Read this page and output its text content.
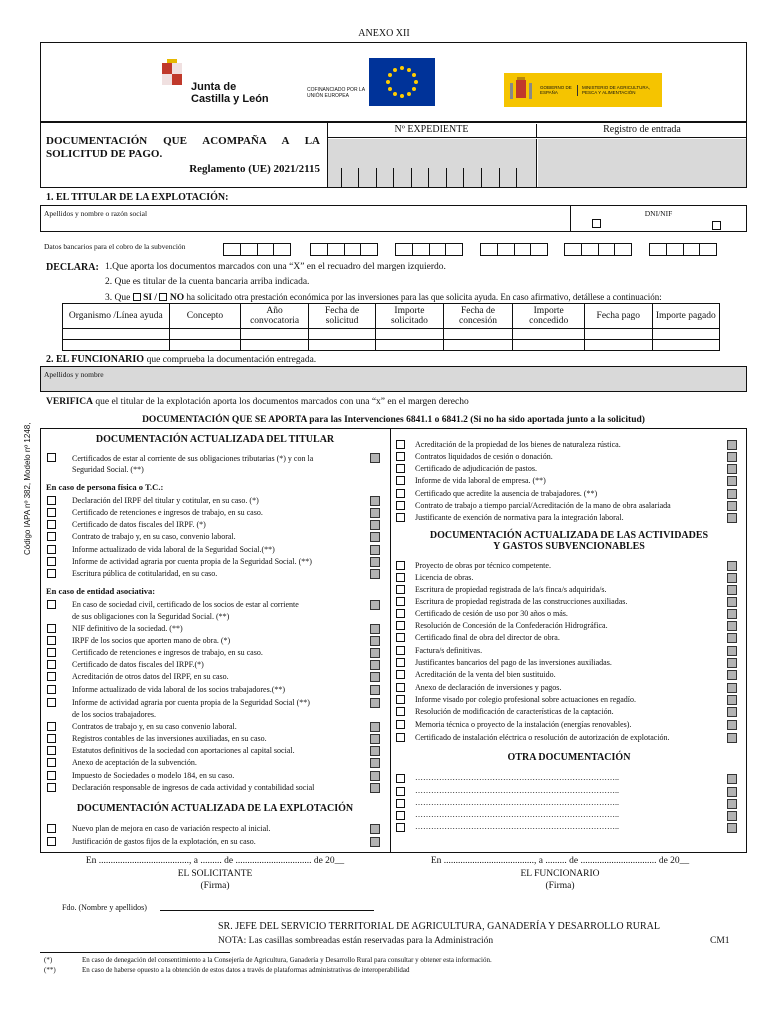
ANEXO XII
Junta de Castilla y León
COFINANCIADO POR LA UNIÓN EUROPEA
GOBIERNO DE ESPAÑA
MINISTERIO DE AGRICULTURA, PESCA Y ALIMENTACIÓN
DOCUMENTACIÓN QUE ACOMPAÑA A LA SOLICITUD DE PAGO.
Reglamento (UE) 2021/2115
Nº EXPEDIENTE	Registro de entrada
1. EL TITULAR DE LA EXPLOTACIÓN:
Apellidos y nombre o razón social	DNI/NIF
Datos bancarios para el cobro de la subvención
DECLARA: 1.Que aporta los documentos marcados con una “X” en el recuadro del margen izquierdo.
2. Que es titular de la cuenta bancaria arriba indicada.
3. Que SI / NO ha solicitado otra prestación económica por las inversiones para las que solicita ayuda. En caso afirmativo, detállese a continuación:
Organismo /Línea ayuda	Concepto	Año convocatoria	Fecha de solicitud	Importe solicitado	Fecha de concesión	Importe concedido	Fecha pago	Importe pagado

2. EL FUNCIONARIO que comprueba la documentación entregada.
Apellidos y nombre
VERIFICA que el titular de la explotación aporta los documentos marcados con una “x” en el margen derecho
Código IAPA nº 382, Modelo nº 1248,
DOCUMENTACIÓN QUE SE APORTA para las Intervenciones 6841.1 o 6841.2 (Si no ha sido aportada junto a la solicitud)
DOCUMENTACIÓN ACTUALIZADA DEL TITULAR
Certificados de estar al corriente de sus obligaciones tributarias (*) y con la
Seguridad Social. (**)
En caso de persona física o T.C.:
Declaración del IRPF del titular y cotitular, en su caso. (*)
Certificado de retenciones e ingresos de trabajo, en su caso.
Certificado de datos fiscales del IRPF. (*)
Contrato de trabajo y, en su caso, convenio laboral.
Informe actualizado de vida laboral de la Seguridad Social.(**)
Informe de actividad agraria por cuenta propia de la Seguridad Social. (**)
Escritura pública de cotitularidad, en su caso.
En caso de entidad asociativa:
En caso de sociedad civil, certificado de los socios de estar al corriente
de sus obligaciones con la Seguridad Social. (**)
NIF definitivo de la sociedad. (**)
IRPF de los socios que aporten mano de obra. (*)
Certificado de retenciones e ingresos de trabajo, en su caso.
Certificado de datos fiscales del IRPF.(*)
Acreditación de otros datos del IRPF, en su caso.
Informe actualizado de vida laboral de los socios trabajadores.(**)
Informe de actividad agraria por cuenta propia de la Seguridad Social (**)
de los socios trabajadores.
Contratos de trabajo y, en su caso convenio laboral.
Registros contables de las inversiones auxiliadas, en su caso.
Estatutos definitivos de la sociedad con aportaciones al capital social.
Anexo de aceptación de la subvención.
Impuesto de Sociedades o modelo 184, en su caso.
Declaración responsable de ingresos de cada actividad y contabilidad social
DOCUMENTACIÓN ACTUALIZADA DE LA EXPLOTACIÓN
Nuevo plan de mejora en caso de variación respecto al inicial.
Justificación de gastos fijos de la explotación, en su caso.
Acreditación de la propiedad de los bienes de naturaleza rústica.
Contratos liquidados de cesión o donación.
Certificado de adjudicación de pastos.
Informe de vida laboral de empresa. (**)
Certificado que acredite la ausencia de trabajadores. (**)
Contrato de trabajo a tiempo parcial/Acreditación de la mano de obra asalariada
Justificante de exención de normativa para la integración laboral.
DOCUMENTACIÓN ACTUALIZADA DE LAS ACTIVIDADES
Y GASTOS SUBVENCIONABLES
Proyecto de obras por técnico competente.
Licencia de obras.
Escritura de propiedad registrada de la/s finca/s adquirida/s.
Escritura de propiedad registrada de las construcciones auxiliadas.
Certificado de cesión de uso por 30 años o más.
Resolución de Concesión de la Confederación Hidrográfica.
Certificado final de obra del director de obra.
Factura/s definitivas.
Justificantes bancarios del pago de las inversiones auxiliadas.
Acreditación de la venta del bien sustituido.
Anexo de declaración de inversiones y pagos.
Informe visado por colegio profesional sobre actuaciones en regadío.
Resolución de modificación de características de la captación.
Memoria técnica o proyecto de la instalación (energías renovables).
Certificado de instalación eléctrica o resolución de autorización de explotación.
OTRA DOCUMENTACIÓN
…………………………………………………………………..
…………………………………………………………………..
…………………………………………………………………..
…………………………………………………………………..
…………………………………………………………………..
En ......................................, a ......... de ................................ de 20__	En ......................................, a ......... de ................................ de 20__
EL SOLICITANTE
(Firma)
EL FUNCIONARIO
(Firma)
Fdo. (Nombre y apellidos)
SR. JEFE DEL SERVICIO TERRITORIAL DE AGRICULTURA, GANADERÍA Y DESARROLLO RURAL
NOTA: Las casillas sombreadas están reservadas para la Administración	CM1
(*)	En caso de denegación del consentimiento a la Consejería de Agricultura, Ganadería y Desarrollo Rural para consultar y obtener esta información.
(**)	En caso de haberse opuesto a la obtención de estos datos a través de plataformas administrativas de interoperabilidad
